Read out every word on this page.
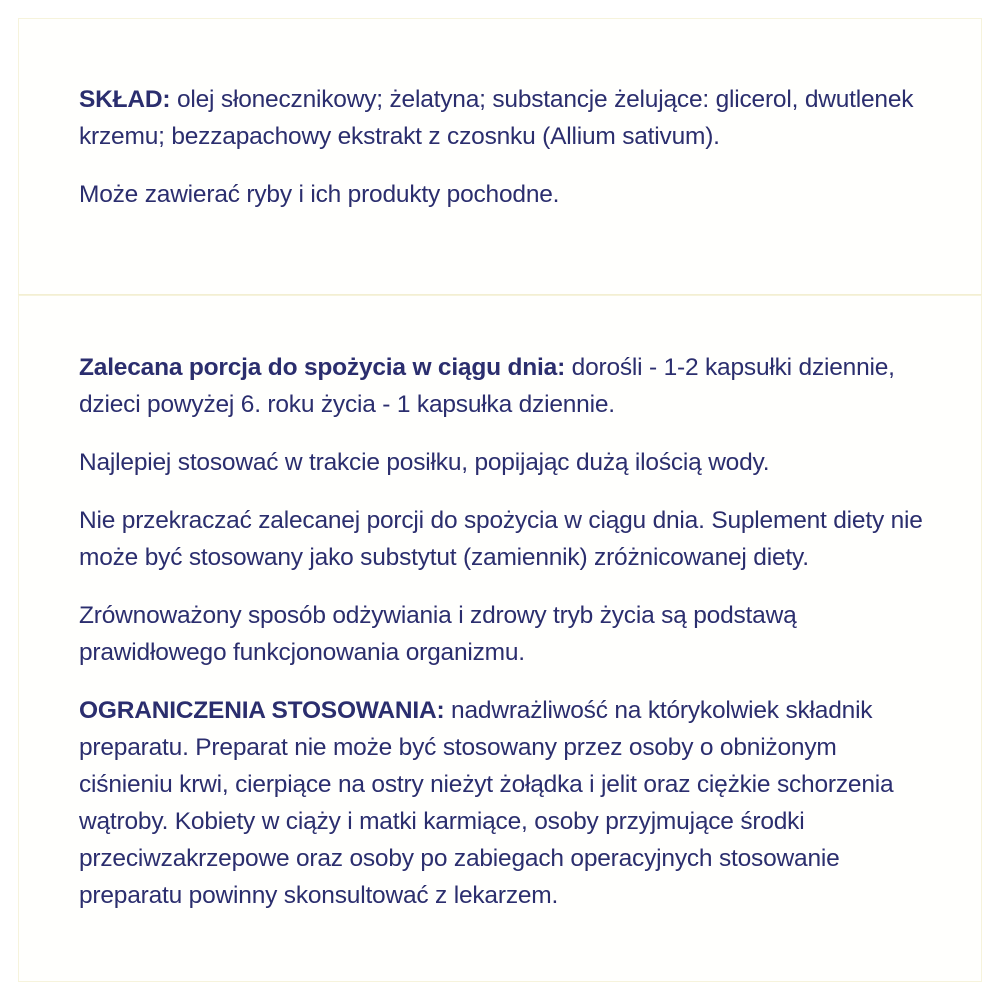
SKŁAD: olej słonecznikowy; żelatyna; substancje żelujące: glicerol, dwutlenek krzemu; bezzapachowy ekstrakt z czosnku (Allium sativum).

Może zawierać ryby i ich produkty pochodne.

Zalecana porcja do spożycia w ciągu dnia: dorośli - 1-2 kapsułki dziennie, dzieci powyżej 6. roku życia - 1 kapsułka dziennie.

Najlepiej stosować w trakcie posiłku, popijając dużą ilością wody.

Nie przekraczać zalecanej porcji do spożycia w ciągu dnia. Suplement diety nie może być stosowany jako substytut (zamiennik) zróżnicowanej diety.

Zrównoważony sposób odżywiania i zdrowy tryb życia są podstawą prawidłowego funkcjonowania organizmu.

OGRANICZENIA STOSOWANIA: nadwrażliwość na którykolwiek składnik preparatu. Preparat nie może być stosowany przez osoby o obniżonym ciśnieniu krwi, cierpiące na ostry nieżyt żołądka i jelit oraz ciężkie schorzenia wątroby. Kobiety w ciąży i matki karmiące, osoby przyjmujące środki przeciwzakrzepowe oraz osoby po zabiegach operacyjnych stosowanie preparatu powinny skonsultować z lekarzem.
